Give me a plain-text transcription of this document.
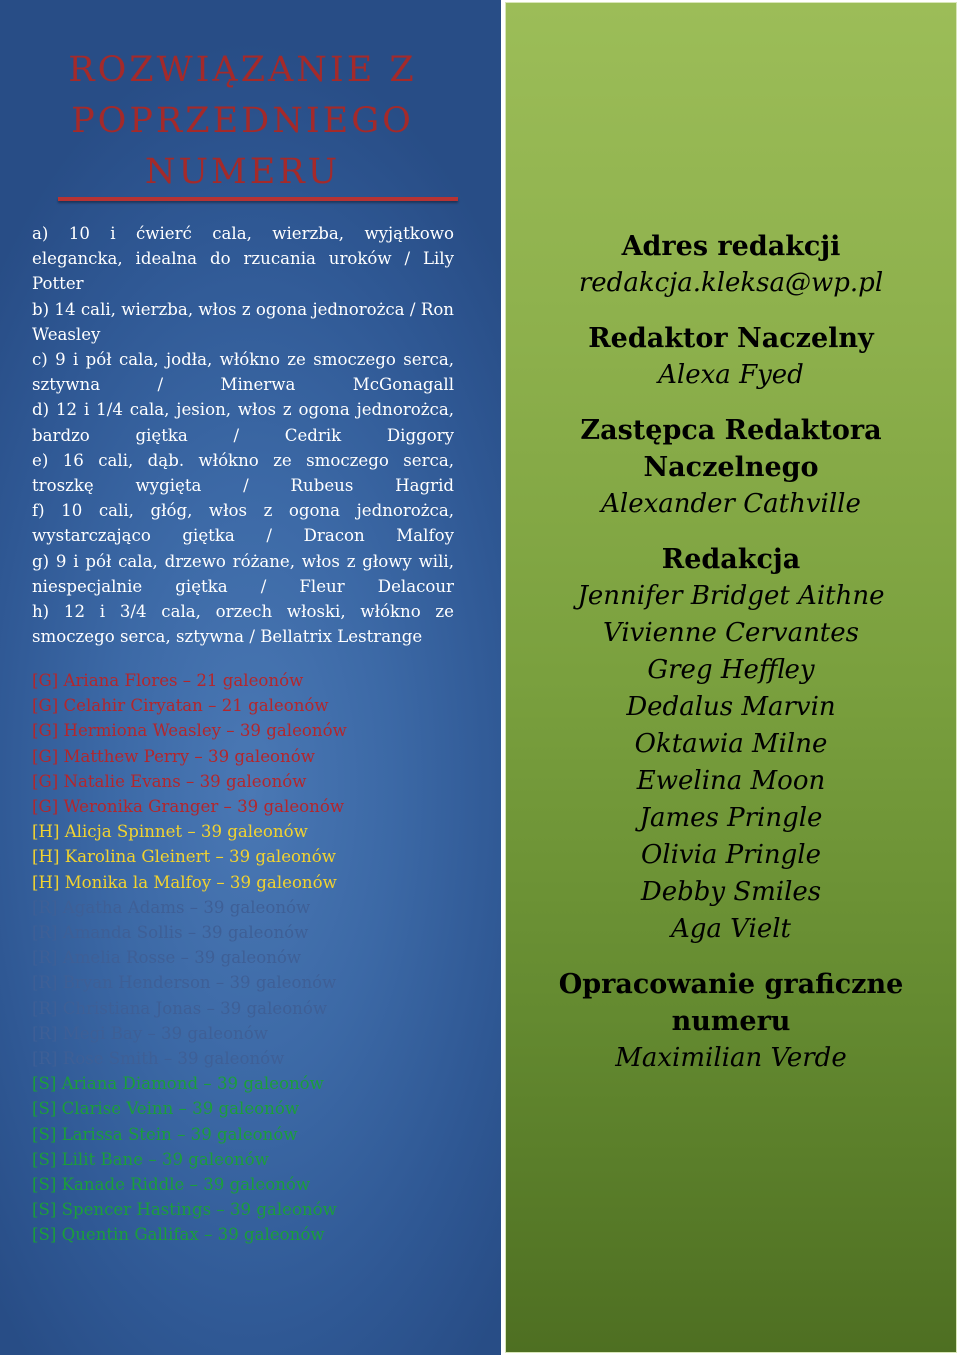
ROZWIĄZANIE Z
POPRZEDNIEGO
NUMERU
a) 10 i ćwierć cala, wierzba, wyjątkowo elegancka, idealna do rzucania uroków / Lily Potter
b) 14 cali, wierzba, włos z ogona jednorożca / Ron Weasley
c) 9 i pół cala, jodła, włókno ze smoczego serca, sztywna / Minerwa McGonagall
d) 12 i 1/4 cala, jesion, włos z ogona jednorożca, bardzo giętka / Cedrik Diggory
e) 16 cali, dąb. włókno ze smoczego serca, troszkę wygięta / Rubeus Hagrid
f) 10 cali, głóg, włos z ogona jednorożca, wystarczająco giętka / Dracon Malfoy
g) 9 i pół cala, drzewo różane, włos z głowy wili, niespecjalnie giętka / Fleur Delacour
h) 12 i 3/4 cala, orzech włoski, włókno ze smoczego serca, sztywna / Bellatrix Lestrange
[G] Ariana Flores – 21 galeonów
[G] Celahir Ciryatan – 21 galeonów
[G] Hermiona Weasley – 39 galeonów
[G] Matthew Perry – 39 galeonów
[G] Natalie Evans – 39 galeonów
[G] Weronika Granger – 39 galeonów
[H] Alicja Spinnet – 39 galeonów
[H] Karolina Gleinert – 39 galeonów
[H] Monika la Malfoy – 39 galeonów
[R] Agatha Adams – 39 galeonów
[R] Amanda Sollis – 39 galeonów
[R] Amelia Rosse – 39 galeonów
[R] Bryan Henderson – 39 galeonów
[R] Christiana Jonas – 39 galeonów
[R] Megi Bay – 39 galeonów
[R] Rose Smith – 39 galeonów
[S] Ariana Diamond – 39 galeonów
[S] Clarise Veinn – 39 galeonów
[S] Larissa Stein – 39 galeonów
[S] Lilit Bane – 39 galeonów
[S] Kanade Riddle – 39 galeonów
[S] Spencer Hastings – 39 galeonów
[S] Quentin Gallifax – 39 galeonów
Adres redakcji
redakcja.kleksa@wp.pl
Redaktor Naczelny
Alexa Fyed
Zastępca Redaktora
Naczelnego
Alexander Cathville
Redakcja
Jennifer Bridget Aithne
Vivienne Cervantes
Greg Heffley
Dedalus Marvin
Oktawia Milne
Ewelina Moon
James Pringle
Olivia Pringle
Debby Smiles
Aga Vielt
Opracowanie graficzne
numeru
Maximilian Verde
